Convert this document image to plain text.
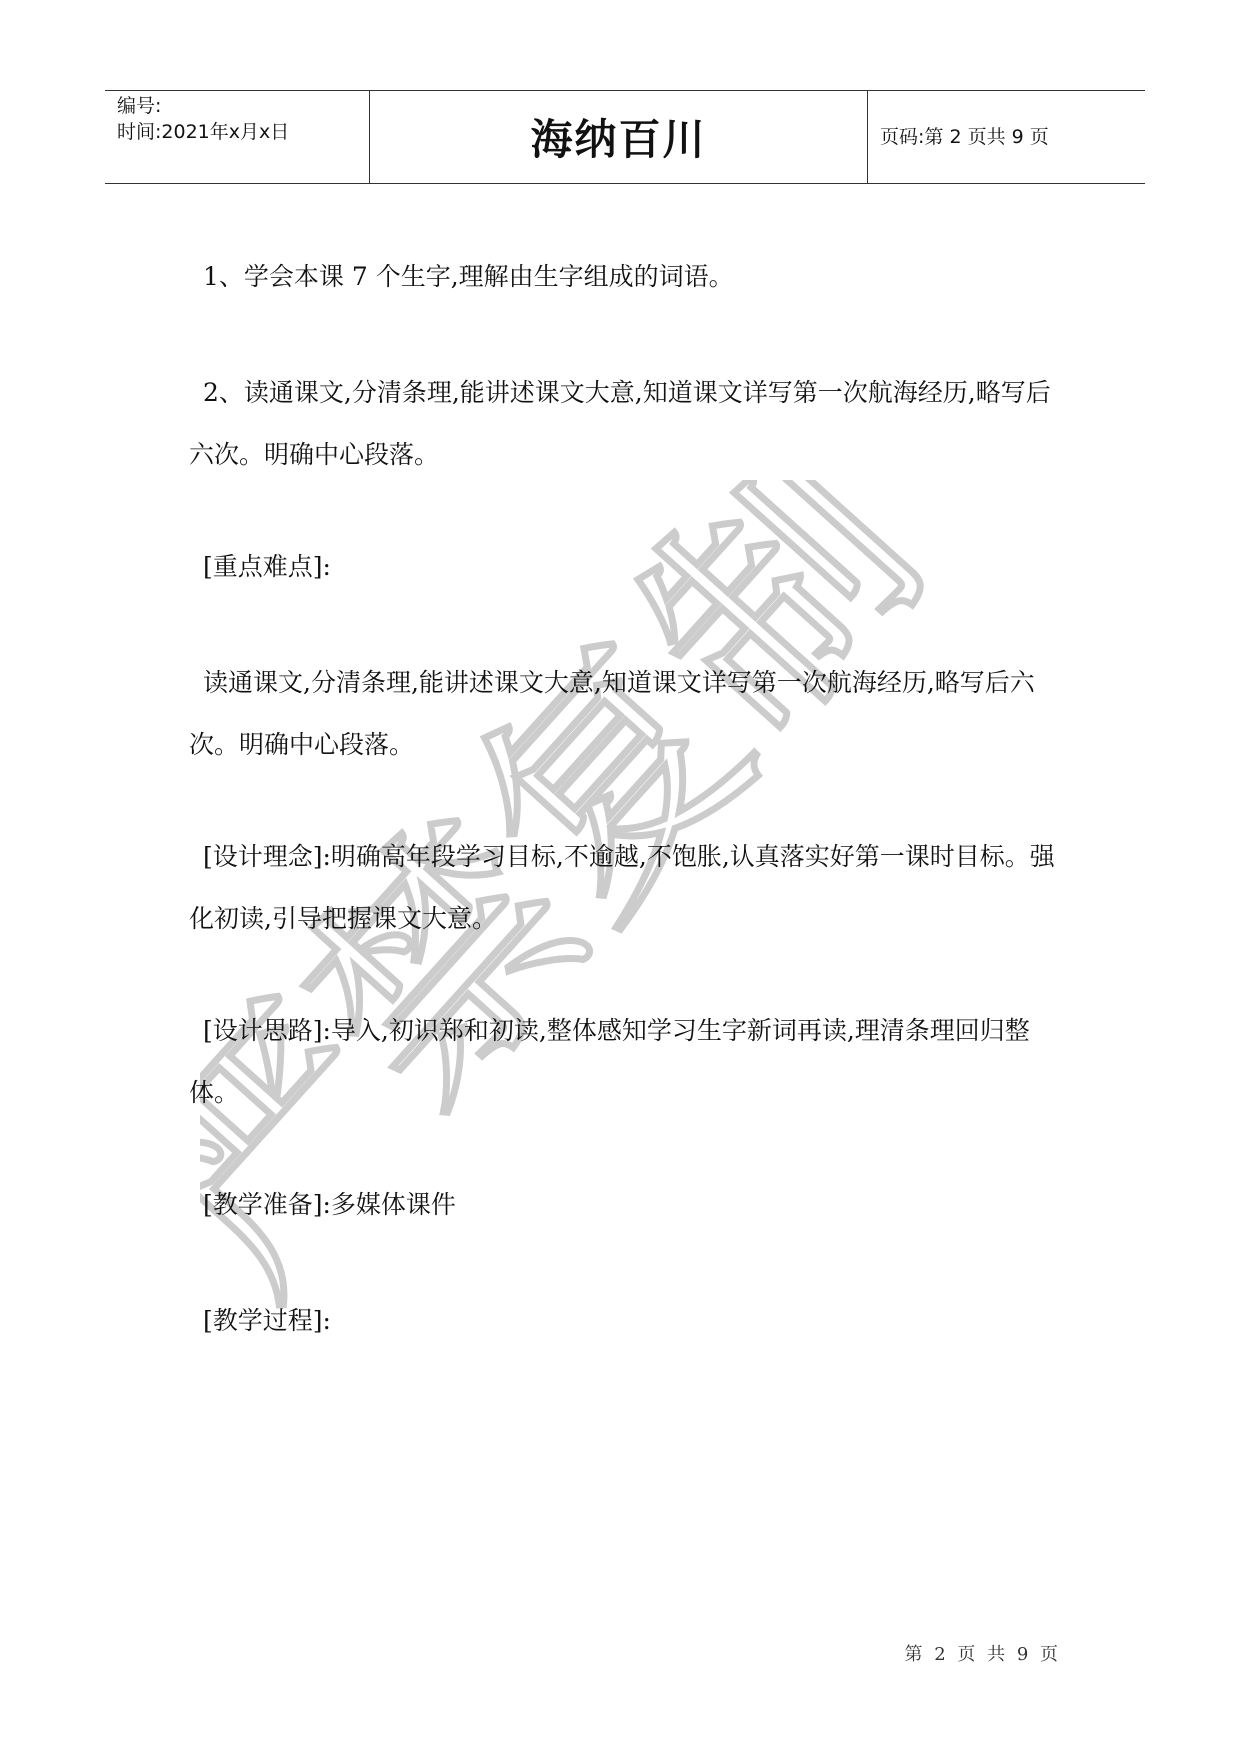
编号:
时间:2021年x月x日	海纳百川	页码:第 2 页共 9 页
严禁复制

1、学会本课 7 个生字,理解由生字组成的词语。

2、读通课文,分清条理,能讲述课文大意,知道课文详写第一次航海经历,略写后六次。明确中心段落。

[重点难点]:

读通课文,分清条理,能讲述课文大意,知道课文详写第一次航海经历,略写后六次。明确中心段落。

[设计理念]:明确高年段学习目标,不逾越,不饱胀,认真落实好第一课时目标。强化初读,引导把握课文大意。

[设计思路]:导入,初识郑和初读,整体感知学习生字新词再读,理清条理回归整体。

[教学准备]:多媒体课件

[教学过程]:

第 2 页 共 9 页
